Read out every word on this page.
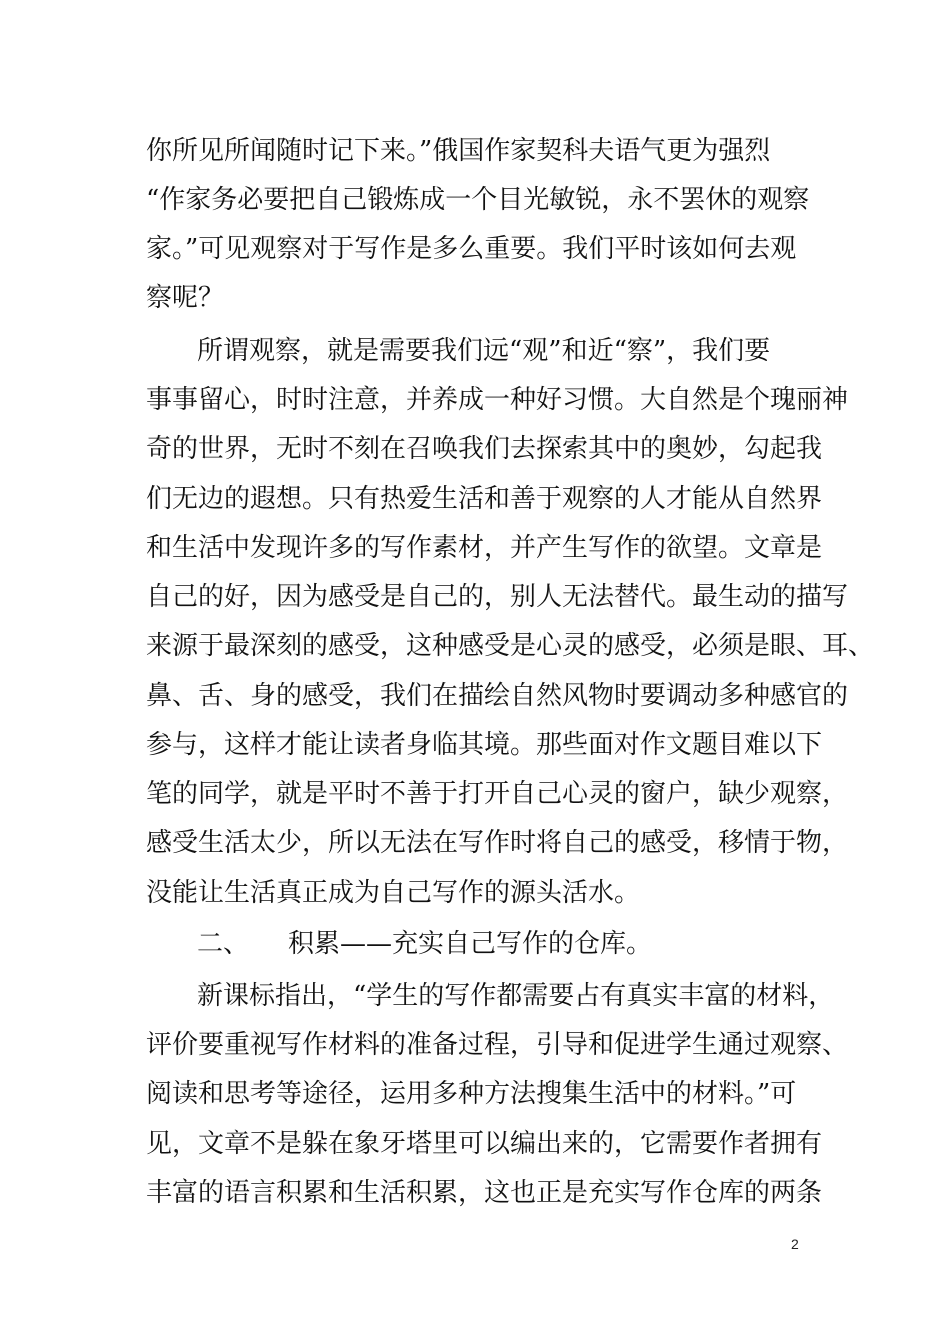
你所见所闻随时记下来。”俄国作家契科夫语气更为强烈

“作家务必要把自己锻炼成一个目光敏锐，永不罢休的观察

家。”可见观察对于写作是多么重要。我们平时该如何去观

察呢？

所谓观察，就是需要我们远“观”和近“察”，我们要

事事留心，时时注意，并养成一种好习惯。大自然是个瑰丽神

奇的世界，无时不刻在召唤我们去探索其中的奥妙，勾起我

们无边的遐想。只有热爱生活和善于观察的人才能从自然界

和生活中发现许多的写作素材，并产生写作的欲望。文章是

自己的好，因为感受是自己的，别人无法替代。最生动的描写

来源于最深刻的感受，这种感受是心灵的感受，必须是眼、耳、

鼻、舌、身的感受，我们在描绘自然风物时要调动多种感官的

参与，这样才能让读者身临其境。那些面对作文题目难以下

笔的同学，就是平时不善于打开自己心灵的窗户，缺少观察，

感受生活太少，所以无法在写作时将自己的感受，移情于物，

没能让生活真正成为自己写作的源头活水。

二、　　积累——充实自己写作的仓库。

新课标指出，“学生的写作都需要占有真实丰富的材料，

评价要重视写作材料的准备过程，引导和促进学生通过观察、

阅读和思考等途径，运用多种方法搜集生活中的材料。”可

见，文章不是躲在象牙塔里可以编出来的，它需要作者拥有

丰富的语言积累和生活积累，这也正是充实写作仓库的两条

2
